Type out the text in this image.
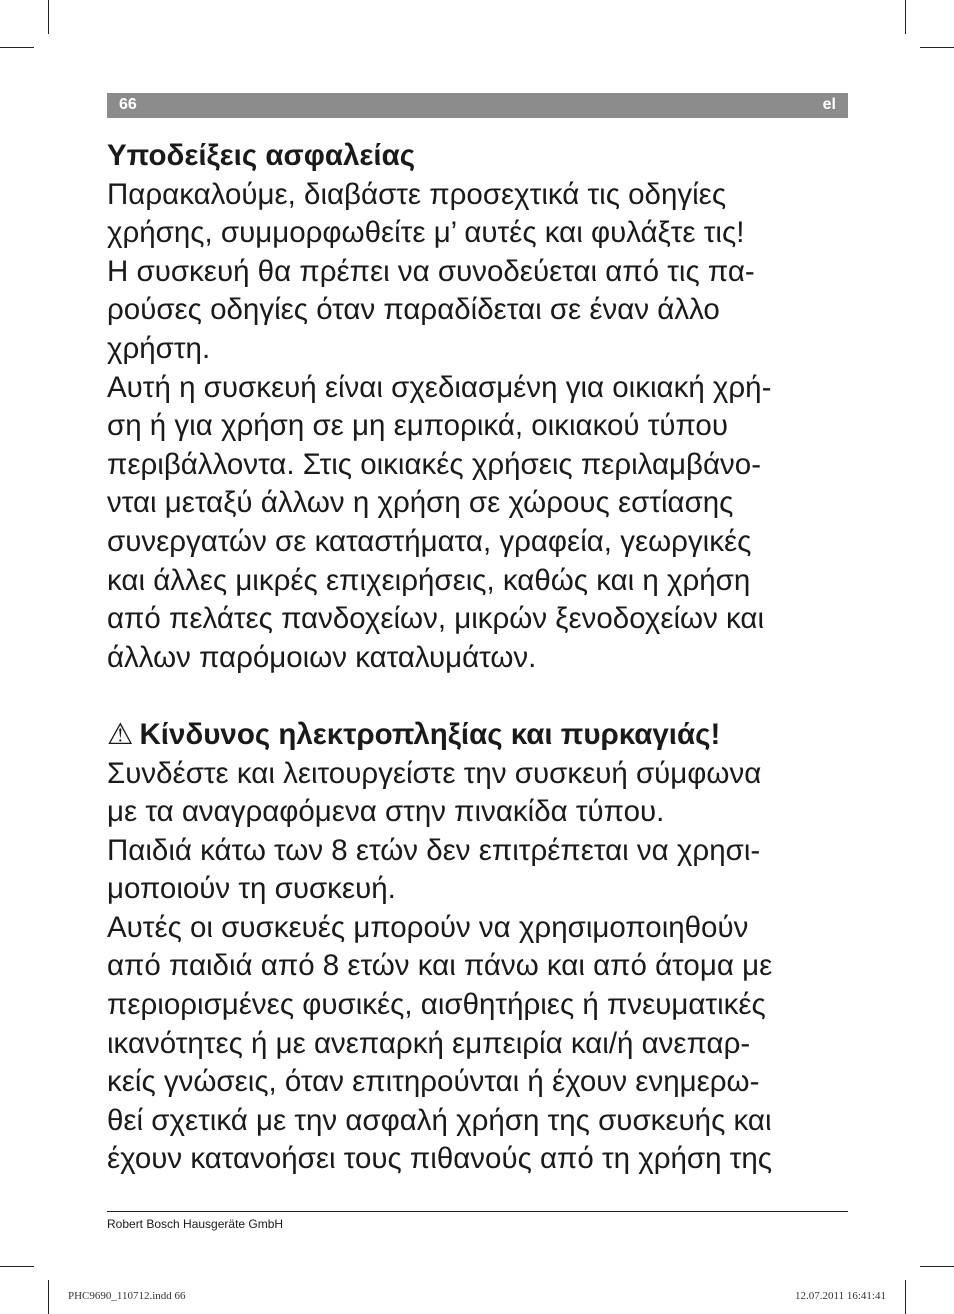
66	el
Υποδείξεις ασφαλείας
Παρακαλούμε, διαβάστε προσεχτικά τις οδηγίες
χρήσης, συμμορφωθείτε μ’ αυτές και φυλάξτε τις!
Η συσκευή θα πρέπει να συνοδεύεται από τις πα-
ρούσες οδηγίες όταν παραδίδεται σε έναν άλλο
χρήστη.
Αυτή η συσκευή είναι σχεδιασμένη για οικιακή χρή-
ση ή για χρήση σε μη εμπορικά, οικιακού τύπου
περιβάλλοντα. Στις οικιακές χρήσεις περιλαμβάνο-
νται μεταξύ άλλων η χρήση σε χώρους εστίασης
συνεργατών σε καταστήματα, γραφεία, γεωργικές
και άλλες μικρές επιχειρήσεις, καθώς και η χρήση
από πελάτες πανδοχείων, μικρών ξενοδοχείων και
άλλων παρόμοιων καταλυμάτων.
⚠ Κίνδυνος ηλεκτροπληξίας και πυρκαγιάς!
Συνδέστε και λειτουργείστε την συσκευή σύμφωνα
με τα αναγραφόμενα στην πινακίδα τύπου.
Παιδιά κάτω των 8 ετών δεν επιτρέπεται να χρησι-
μοποιούν τη συσκευή.
Αυτές οι συσκευές μπορούν να χρησιμοποιηθούν
από παιδιά από 8 ετών και πάνω και από άτομα με
περιορισμένες φυσικές, αισθητήριες ή πνευματικές
ικανότητες ή με ανεπαρκή εμπειρία και/ή ανεπαρ-
κείς γνώσεις, όταν επιτηρούνται ή έχουν ενημερω-
θεί σχετικά με την ασφαλή χρήση της συσκευής και
έχουν κατανοήσει τους πιθανούς από τη χρήση της
Robert Bosch Hausgeräte GmbH
PHC9690_110712.indd 66	12.07.2011 16:41:41
